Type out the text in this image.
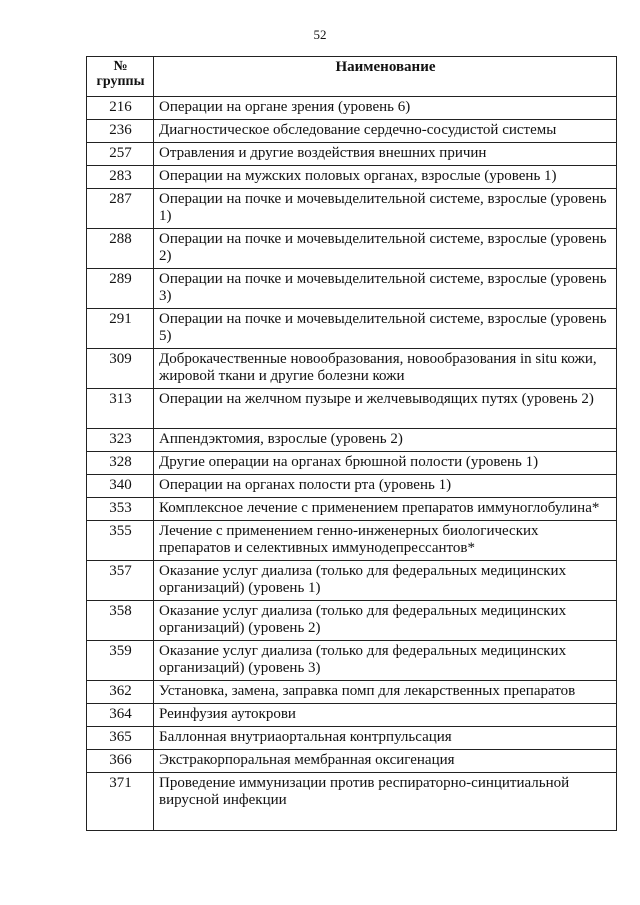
52
№
группы	Наименование
216	Операции на органе зрения (уровень 6)
236	Диагностическое обследование сердечно-сосудистой системы
257	Отравления и другие воздействия внешних причин
283	Операции на мужских половых органах, взрослые (уровень 1)
287	Операции на почке и мочевыделительной системе, взрослые (уровень 1)
288	Операции на почке и мочевыделительной системе, взрослые (уровень 2)
289	Операции на почке и мочевыделительной системе, взрослые (уровень 3)
291	Операции на почке и мочевыделительной системе, взрослые (уровень 5)
309	Доброкачественные новообразования, новообразования in situ кожи, жировой ткани и другие болезни кожи
313	Операции на желчном пузыре и желчевыводящих путях (уровень 2)
323	Аппендэктомия, взрослые (уровень 2)
328	Другие операции на органах брюшной полости (уровень 1)
340	Операции на органах полости рта (уровень 1)
353	Комплексное лечение с применением препаратов иммуноглобулина*
355	Лечение с применением генно-инженерных биологических препаратов и селективных иммунодепрессантов*
357	Оказание услуг диализа (только для федеральных медицинских организаций) (уровень 1)
358	Оказание услуг диализа (только для федеральных медицинских организаций) (уровень 2)
359	Оказание услуг диализа (только для федеральных медицинских организаций) (уровень 3)
362	Установка, замена, заправка помп для лекарственных препаратов
364	Реинфузия аутокрови
365	Баллонная внутриаортальная контрпульсация
366	Экстракорпоральная мембранная оксигенация
371	Проведение иммунизации против респираторно-синцитиальной вирусной инфекции
